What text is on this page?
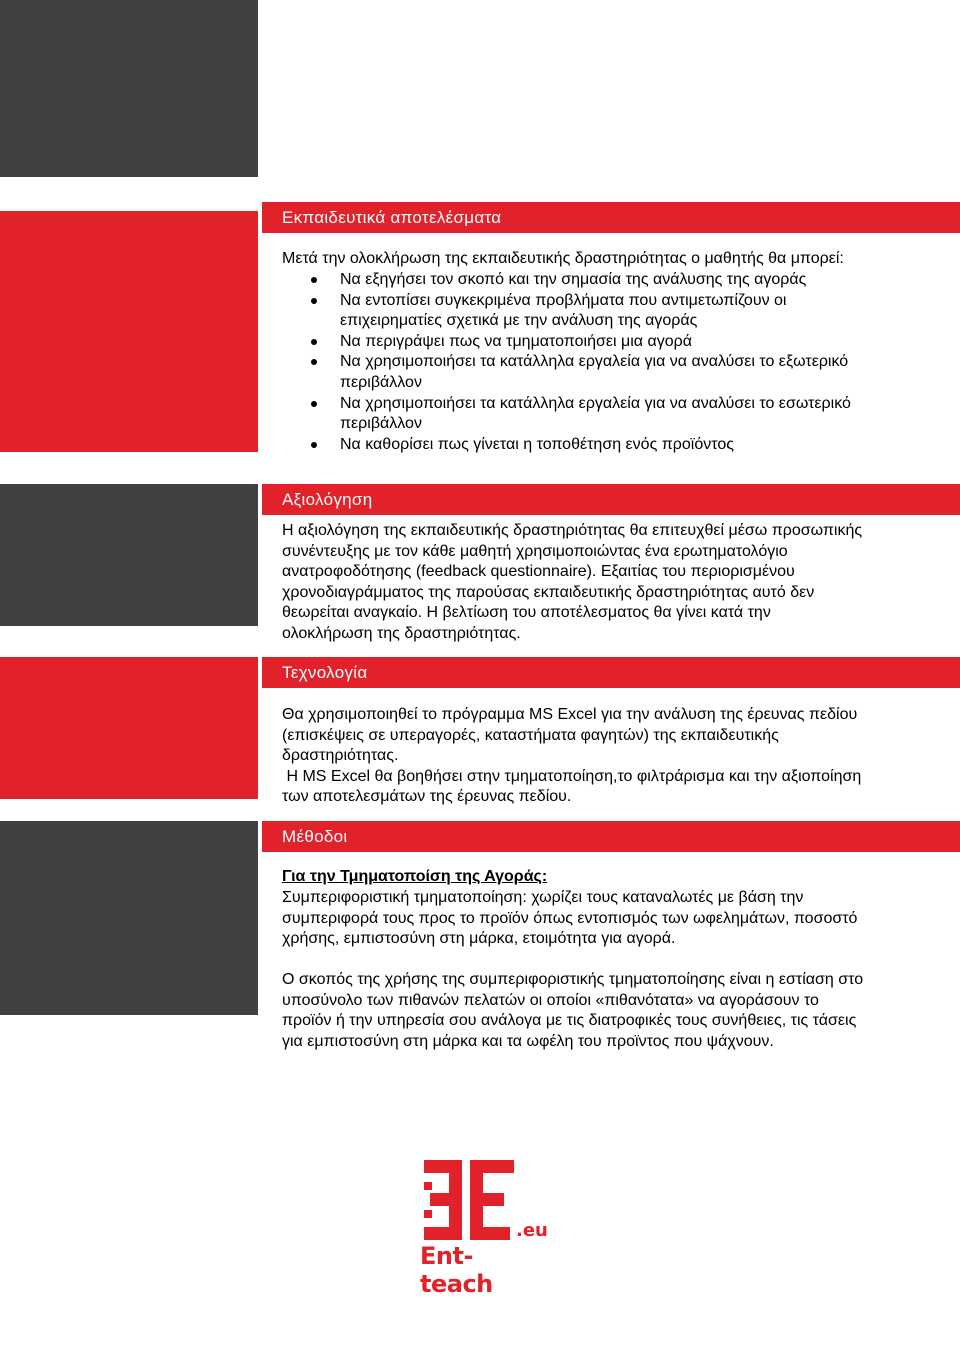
Εκπαιδευτικά αποτελέσματα

Μετά την ολοκλήρωση της εκπαιδευτικής δραστηριότητας ο μαθητής θα μπορεί:

Να εξηγήσει τον σκοπό και την σημασία της ανάλυσης της αγοράς
Να εντοπίσει συγκεκριμένα προβλήματα που αντιμετωπίζουν οι
επιχειρηματίες σχετικά με την ανάλυση της αγοράς
Να περιγράψει πως να τμηματοποιήσει μια αγορά
Να χρησιμοποιήσει τα κατάλληλα εργαλεία για να αναλύσει το εξωτερικό
περιβάλλον
Να χρησιμοποιήσει τα κατάλληλα εργαλεία για να αναλύσει το εσωτερικό
περιβάλλον
Να καθορίσει πως γίνεται η τοποθέτηση ενός προϊόντος
Αξιολόγηση
Η αξιολόγηση της εκπαιδευτικής δραστηριότητας θα επιτευχθεί μέσω προσωπικής
συνέντευξης με τον κάθε μαθητή χρησιμοποιώντας ένα ερωτηματολόγιο
ανατροφοδότησης (feedback questionnaire). Εξαιτίας του περιορισμένου
χρονοδιαγράμματος της παρούσας εκπαιδευτικής δραστηριότητας αυτό δεν
θεωρείται αναγκαίο. Η βελτίωση του αποτέλεσματος θα γίνει κατά την
ολοκλήρωση της δραστηριότητας.
Τεχνολογία
Θα χρησιμοποιηθεί το πρόγραμμα MS Excel για την ανάλυση της έρευνας πεδίου
(επισκέψεις σε υπεραγορές, καταστήματα φαγητών) της εκπαιδευτικής
δραστηριότητας.
Η MS Excel θα βοηθήσει στην τμηματοποίηση,το φιλτράρισμα και την αξιοποίηση
των αποτελεσμάτων της έρευνας πεδίου.
Μέθοδοι
Για την Τμηματοποίση της Αγοράς:
Συμπεριφοριστική τμηματοποίηση: χωρίζει τους καταναλωτές με βάση την
συμπεριφορά τους προς το προϊόν όπως εντοπισμός των ωφελημάτων, ποσοστό
χρήσης, εμπιστοσύνη στη μάρκα, ετοιμότητα για αγορά.
Ο σκοπός της χρήσης της συμπεριφοριστικής τμηματοποίησης είναι η εστίαση στο
υποσύνολο των πιθανών πελατών οι οποίοι «πιθανότατα» να αγοράσουν το
προϊόν ή την υπηρεσία σου ανάλογα με τις διατροφικές τους συνήθειες, τις τάσεις
για εμπιστοσύνη στη μάρκα και τα ωφέλη του προϊντος που ψάχνουν.
.eu
Ent-teach
